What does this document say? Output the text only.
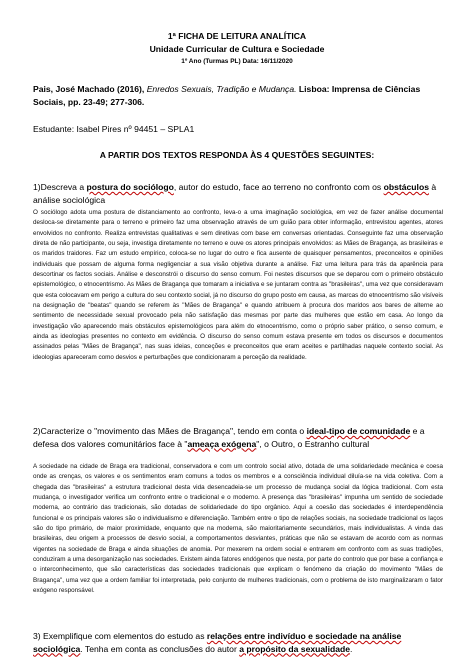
1ª FICHA DE LEITURA ANALÍTICA
Unidade Curricular de Cultura e Sociedade
1º Ano (Turmas PL) Data: 16/11/2020
Pais, José Machado (2016), Enredos Sexuais, Tradição e Mudança. Lisboa: Imprensa de Ciências Sociais, pp. 23-49; 277-306.
Estudante: Isabel Pires nº 94451 – SPLA1
A PARTIR DOS TEXTOS RESPONDA ÀS 4 QUESTÕES SEGUINTES:
1)Descreva a postura do sociólogo, autor do estudo, face ao terreno no confronto com os obstáculos à análise sociológica
O sociólogo adota uma postura de distanciamento ao confronto, leva-o a uma imaginação sociológica, em vez de fazer análise documental desloca-se diretamente para o terreno e primeiro faz uma observação através de um guião para obter informação, entrevistou agentes, atores envolvidos no confronto. Realiza entrevistas qualitativas e sem diretivas com base em conversas orientadas. Conseguinte faz uma observação direta de não participante, ou seja, investiga diretamente no terreno e ouve os atores principais envolvidos: as Mães de Bragança, as brasileiras e os maridos traidores. Faz um estudo empírico, coloca-se no lugar do outro e fica ausente de quaisquer pensamentos, preconceitos e opiniões individuais que possam de alguma forma negligenciar a sua visão objetiva durante a análise. Faz uma leitura para trás da aparência para descortinar os factos sociais. Análise e desconstrói o discurso do senso comum. Foi nestes discursos que se deparou com o primeiro obstáculo epistemológico, o etnocentrismo. As Mães de Bragança que tomaram a iniciativa e se juntaram contra as "brasileiras", uma vez que consideravam que esta colocavam em perigo a cultura do seu contexto social, já no discurso do grupo posto em causa, as marcas do etnocentrismo são visíveis na designação de "beatas" quando se referem às "Mães de Bragança" e quando atribuem à procura dos maridos aos bares de alterne ao sentimento de necessidade sexual provocado pela não satisfação das mesmas por parte das mulheres que estão em casa. Ao longo da investigação vão aparecendo mais obstáculos epistemológicos para além do etnocentrismo, como o próprio saber prático, o senso comum, e ainda as ideologias presentes no contexto em evidência. O discurso do senso comum estava presente em todos os discursos e documentos assinados pelas "Mães de Bragança", nas suas ideias, conceções e preconceitos que eram aceites e partilhadas naquele contexto social. As ideologias apareceram como desvios e perturbações que condicionaram a perceção da realidade.
2)Caracterize o "movimento das Mães de Bragança", tendo em conta o ideal-tipo de comunidade e a defesa dos valores comunitários face à "ameaça exógena", o Outro, o Estranho cultural
A sociedade na cidade de Braga era tradicional, conservadora e com um controlo social ativo, dotada de uma solidariedade mecânica e coesa onde as crenças, os valores e os sentimentos eram comuns a todos os membros e a consciência individual diluía-se na vida coletiva. Com a chegada das "brasileiras" a estrutura tradicional desta vida desencadeia-se um processo de mudança social da lógica tradicional. Com esta mudança, o investigador verifica um confronto entre o tradicional e o moderno. A presença das "brasileiras" impunha um sentido de sociedade moderna, ao contrário das tradicionais, são dotadas de solidariedade do tipo orgânico. Aqui a coesão das sociedades é interdependência funcional e os principais valores são o individualismo e diferenciação. Também entre o tipo de relações sociais, na sociedade tradicional os laços são do tipo primário, de maior proximidade, enquanto que na moderna, são maioritariamente secundários, mais individualistas. A vinda das brasileiras, deu origem a processos de desvio social, a comportamentos desviantes, práticas que não se estavam de acordo com as normas vigentes na sociedade de Braga e ainda situações de anomia. Por mexerem na ordem social e entrarem em confronto com as suas tradições, conduziram a uma desorganização nas sociedades. Existem ainda fatores endógenos que nesta, por parte do controlo que por base a confiança e o interconhecimento, que são características das sociedades tradicionais que explicam o fenómeno da criação do movimento "Mães de Bragança", uma vez que a ordem familiar foi interpretada, pelo conjunto de mulheres tradicionais, com o problema de isto marginalizaram o fator exógeno responsável.
3) Exemplifique com elementos do estudo as relações entre indivíduo e sociedade na análise sociológica. Tenha em conta as conclusões do autor a propósito da sexualidade.
